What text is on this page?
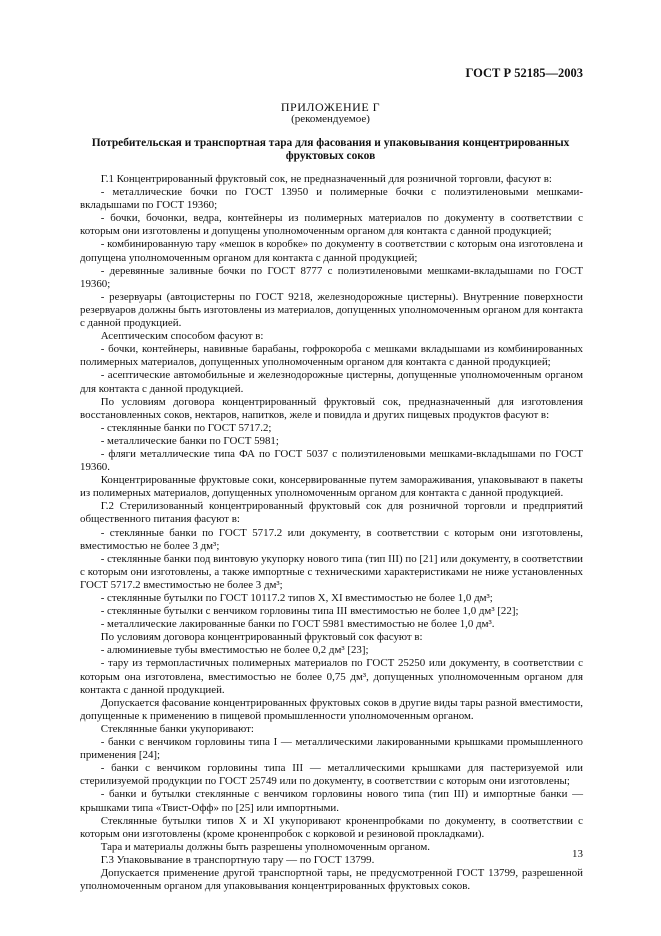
ГОСТ Р 52185—2003
ПРИЛОЖЕНИЕ Г
(рекомендуемое)
Потребительская и транспортная тара для фасования и упаковывания концентрированных фруктовых соков

Г.1 Концентрированный фруктовый сок, не предназначенный для розничной торговли, фасуют в:

- металлические бочки по ГОСТ 13950 и полимерные бочки с полиэтиленовыми мешками-вкладышами по ГОСТ 19360;

- бочки, бочонки, ведра, контейнеры из полимерных материалов по документу в соответствии с которым они изготовлены и допущены уполномоченным органом для контакта с данной продукцией;

- комбинированную тару «мешок в коробке» по документу в соответствии с которым она изготовлена и допущена уполномоченным органом для контакта с данной продукцией;

- деревянные заливные бочки по ГОСТ 8777 с полиэтиленовыми мешками-вкладышами по ГОСТ 19360;

- резервуары (автоцистерны по ГОСТ 9218, железнодорожные цистерны). Внутренние поверхности резервуаров должны быть изготовлены из материалов, допущенных уполномоченным органом для контакта с данной продукцией.

Асептическим способом фасуют в:

- бочки, контейнеры, навивные барабаны, гофрокороба с мешками вкладышами из комбинированных полимерных материалов, допущенных уполномоченным органом для контакта с данной продукцией;

- асептические автомобильные и железнодорожные цистерны, допущенные уполномоченным органом для контакта с данной продукцией.

По условиям договора концентрированный фруктовый сок, предназначенный для изготовления восстановленных соков, нектаров, напитков, желе и повидла и других пищевых продуктов фасуют в:

- стеклянные банки по ГОСТ 5717.2;

- металлические банки по ГОСТ 5981;

- фляги металлические типа ФА по ГОСТ 5037 с полиэтиленовыми мешками-вкладышами по ГОСТ 19360.

Концентрированные фруктовые соки, консервированные путем замораживания, упаковывают в пакеты из полимерных материалов, допущенных уполномоченным органом для контакта с данной продукцией.

Г.2 Стерилизованный концентрированный фруктовый сок для розничной торговли и предприятий общественного питания фасуют в:

- стеклянные банки по ГОСТ 5717.2 или документу, в соответствии с которым они изготовлены, вместимостью не более 3 дм³;

- стеклянные банки под винтовую укупорку нового типа (тип III) по [21] или документу, в соответствии с которым они изготовлены, а также импортные с техническими характеристиками не ниже установленных ГОСТ 5717.2 вместимостью не более 3 дм³;

- стеклянные бутылки по ГОСТ 10117.2 типов X, XI вместимостью не более 1,0 дм³;

- стеклянные бутылки с венчиком горловины типа III вместимостью не более 1,0 дм³ [22];

- металлические лакированные банки по ГОСТ 5981 вместимостью не более 1,0 дм³.

По условиям договора концентрированный фруктовый сок фасуют в:

- алюминиевые тубы вместимостью не более 0,2 дм³ [23];

- тару из термопластичных полимерных материалов по ГОСТ 25250 или документу, в соответствии с которым она изготовлена, вместимостью не более 0,75 дм³, допущенных уполномоченным органом для контакта с данной продукцией.

Допускается фасование концентрированных фруктовых соков в другие виды тары разной вместимости, допущенные к применению в пищевой промышленности уполномоченным органом.

Стеклянные банки укупоривают:

- банки с венчиком горловины типа I — металлическими лакированными крышками промышленного применения [24];

- банки с венчиком горловины типа III — металлическими крышками для пастеризуемой или стерилизуемой продукции по ГОСТ 25749 или по документу, в соответствии с которым они изготовлены;

- банки и бутылки стеклянные с венчиком горловины нового типа (тип III) и импортные банки — крышками типа «Твист-Офф» по [25] или импортными.

Стеклянные бутылки типов X и XI укупоривают кроненпробками по документу, в соответствии с которым они изготовлены (кроме кроненпробок с корковой и резиновой прокладками).

Тара и материалы должны быть разрешены уполномоченным органом.

Г.3 Упаковывание в транспортную тару — по ГОСТ 13799.

Допускается применение другой транспортной тары, не предусмотренной ГОСТ 13799, разрешенной уполномоченным органом для упаковывания концентрированных фруктовых соков.

13
